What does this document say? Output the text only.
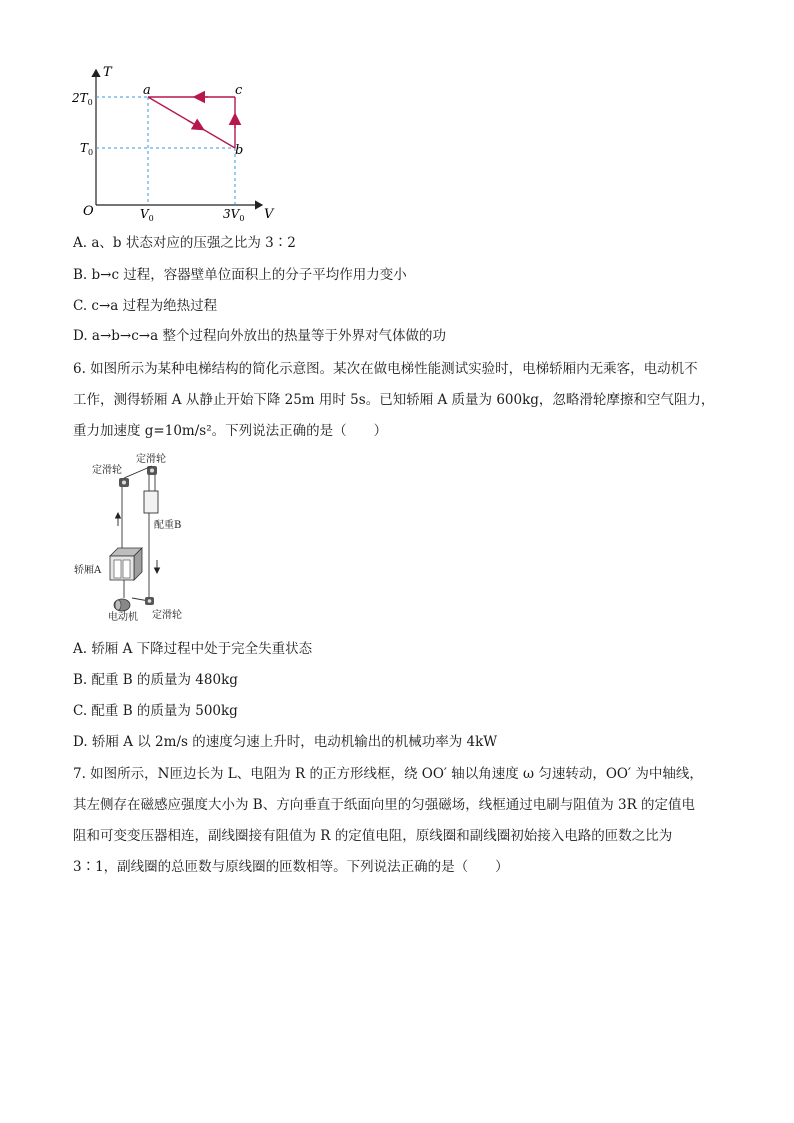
T
V
O
a
b
c
$2T_0$
$T_0$
$V_0$	$3V_0$
A. a、b 状态对应的压强之比为 3∶2
B. b→c 过程，容器壁单位面积上的分子平均作用力变小
C. c→a 过程为绝热过程
D. a→b→c→a 整个过程向外放出的热量等于外界对气体做的功
6. 如图所示为某种电梯结构的简化示意图。某次在做电梯性能测试实验时，电梯轿厢内无乘客，电动机不
工作，测得轿厢 A 从静止开始下降 25m 用时 5s。已知轿厢 A 质量为 600kg，忽略滑轮摩擦和空气阻力，
重力加速度 g=10m/s²。下列说法正确的是（　　）
定滑轮
定滑轮
配重B
轿厢A
电动机 定滑轮
A. 轿厢 A 下降过程中处于完全失重状态
B. 配重 B 的质量为 480kg
C. 配重 B 的质量为 500kg
D. 轿厢 A 以 2m/s 的速度匀速上升时，电动机输出的机械功率为 4kW
7. 如图所示，N匝边长为 L、电阻为 R 的正方形线框，绕 OO′ 轴以角速度 ω 匀速转动，OO′ 为中轴线，
其左侧存在磁感应强度大小为 B、方向垂直于纸面向里的匀强磁场，线框通过电刷与阻值为 3R 的定值电
阻和可变变压器相连，副线圈接有阻值为 R 的定值电阻，原线圈和副线圈初始接入电路的匝数之比为
3∶1，副线圈的总匝数与原线圈的匝数相等。下列说法正确的是（　　）
